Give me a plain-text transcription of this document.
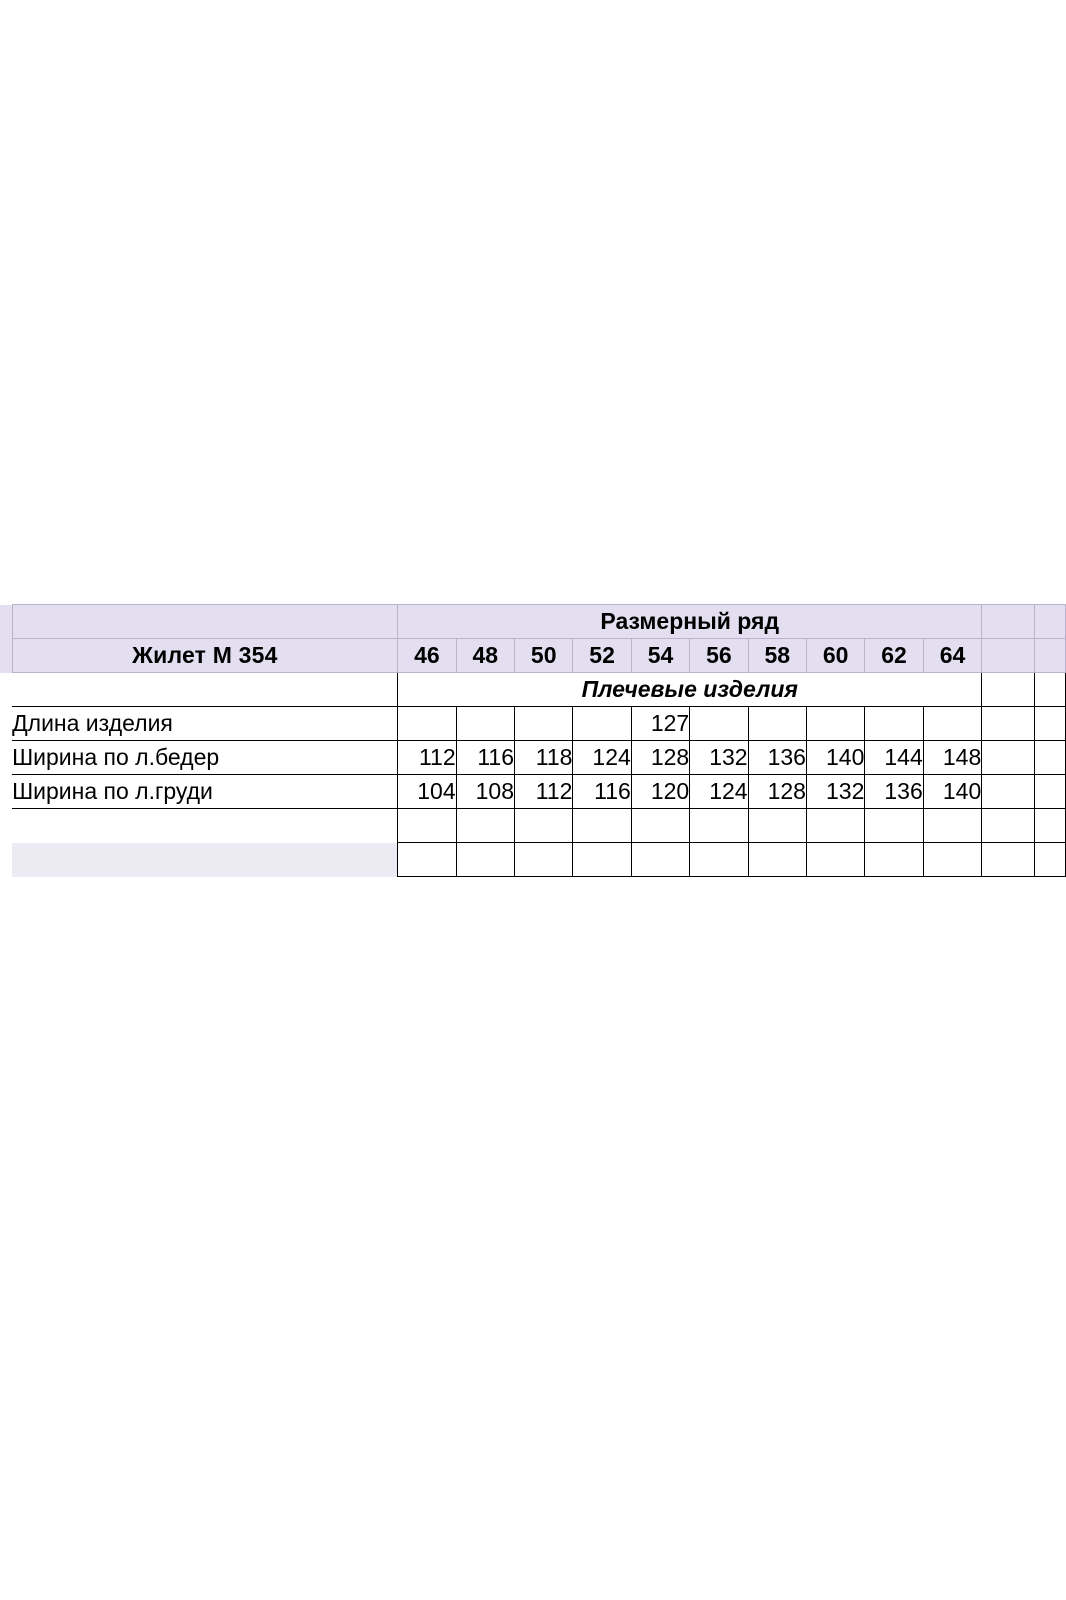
		Размерный ряд											
	Жилет М 354	46	48	50	52	54	56	58	60	62	64		
		Плечевые изделия											
	Длина изделия					127							
	Ширина по л.бедер	112	116	118	124	128	132	136	140	144	148		
	Ширина по л.груди	104	108	112	116	120	124	128	132	136	140		
